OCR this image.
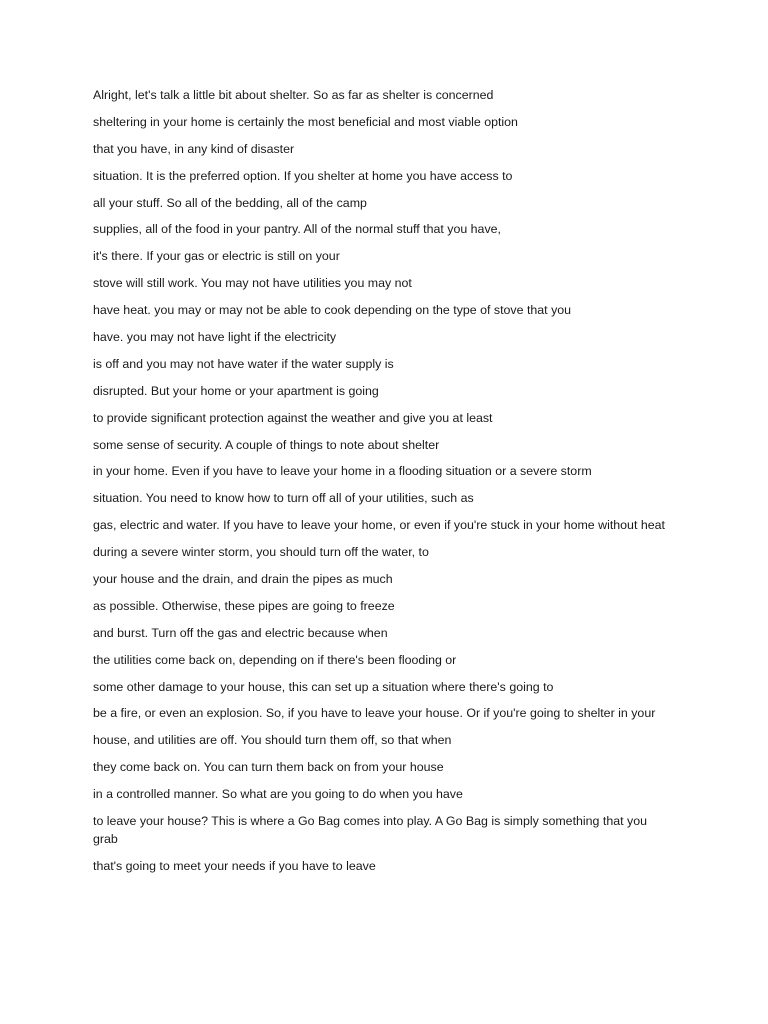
Alright, let's talk a little bit about shelter. So as far as shelter is concerned

sheltering in your home is certainly the most beneficial and most viable option

that you have, in any kind of disaster

situation. It is the preferred option. If you shelter at home you have access to

all your stuff. So all of the bedding, all of the camp

supplies, all of the food in your pantry. All of the normal stuff that you have,

it's there. If your gas or electric is still on your

stove will still work. You may not have utilities you may not

have heat. you may or may not be able to cook depending on the type of stove that you

have. you may not have light if the electricity

is off and you may not have water if the water supply is

disrupted. But your home or your apartment is going

to provide significant protection against the weather and give you at least

some sense of security. A couple of things to note about shelter

in your home. Even if you have to leave your home in a flooding situation or a severe storm

situation. You need to know how to turn off all of your utilities, such as

gas, electric and water. If you have to leave your home, or even if you're stuck in your home without heat

during a severe winter storm, you should turn off the water, to

your house and the drain, and drain the pipes as much

as possible. Otherwise, these pipes are going to freeze

and burst. Turn off the gas and electric because when

the utilities come back on, depending on if there's been flooding or

some other damage to your house, this can set up a situation where there's going to

be a fire, or even an explosion. So, if you have to leave your house. Or if you're going to shelter in your

house, and utilities are off. You should turn them off, so that when

they come back on. You can turn them back on from your house

in a controlled manner. So what are you going to do when you have

to leave your house? This is where a Go Bag comes into play. A Go Bag is simply something that you grab

that's going to meet your needs if you have to leave
